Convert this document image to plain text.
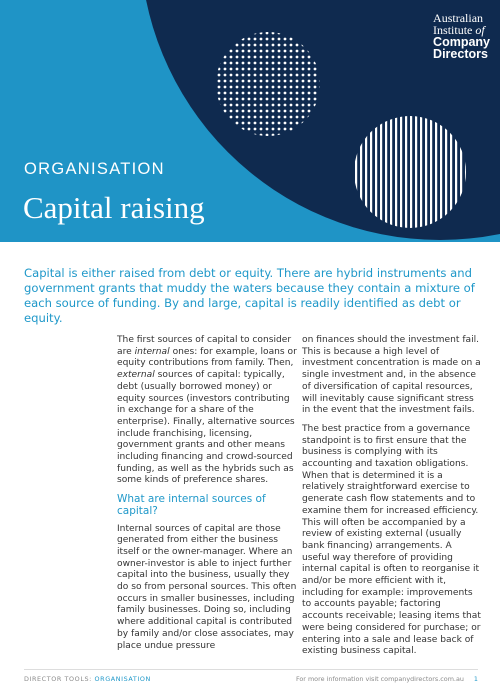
Australian
Institute of
Company
Directors
ORGANISATION
Capital raising
Capital is either raised from debt or equity. There are hybrid instruments and government grants that muddy the waters because they contain a mixture of each source of funding. By and large, capital is readily identified as debt or equity.

The first sources of capital to consider are internal ones: for example, loans or equity contributions from family. Then, external sources of capital: typically, debt (usually borrowed money) or equity sources (investors contributing in exchange for a share of the enterprise). Finally, alternative sources include franchising, licensing, government grants and other means including financing and crowd-sourced funding, as well as the hybrids such as some kinds of preference shares.

What are internal sources of capital?

Internal sources of capital are those generated from either the business itself or the owner-manager. Where an owner-investor is able to inject further capital into the business, usually they do so from personal sources. This often occurs in smaller businesses, including family businesses. Doing so, including where additional capital is contributed by family and/or close associates, may place undue pressure

on finances should the investment fail. This is because a high level of investment concentration is made on a single investment and, in the absence of diversification of capital resources, will inevitably cause significant stress in the event that the investment fails.

The best practice from a governance standpoint is to first ensure that the business is complying with its accounting and taxation obligations. When that is determined it is a relatively straightforward exercise to generate cash flow statements and to examine them for increased efficiency. This will often be accompanied by a review of existing external (usually bank financing) arrangements. A useful way therefore of providing internal capital is often to reorganise it and/or be more efficient with it, including for example: improvements to accounts payable; factoring accounts receivable; leasing items that were being considered for purchase; or entering into a sale and lease back of existing business capital.

DIRECTOR TOOLS: ORGANISATION	For more information visit companydirectors.com.au 1
